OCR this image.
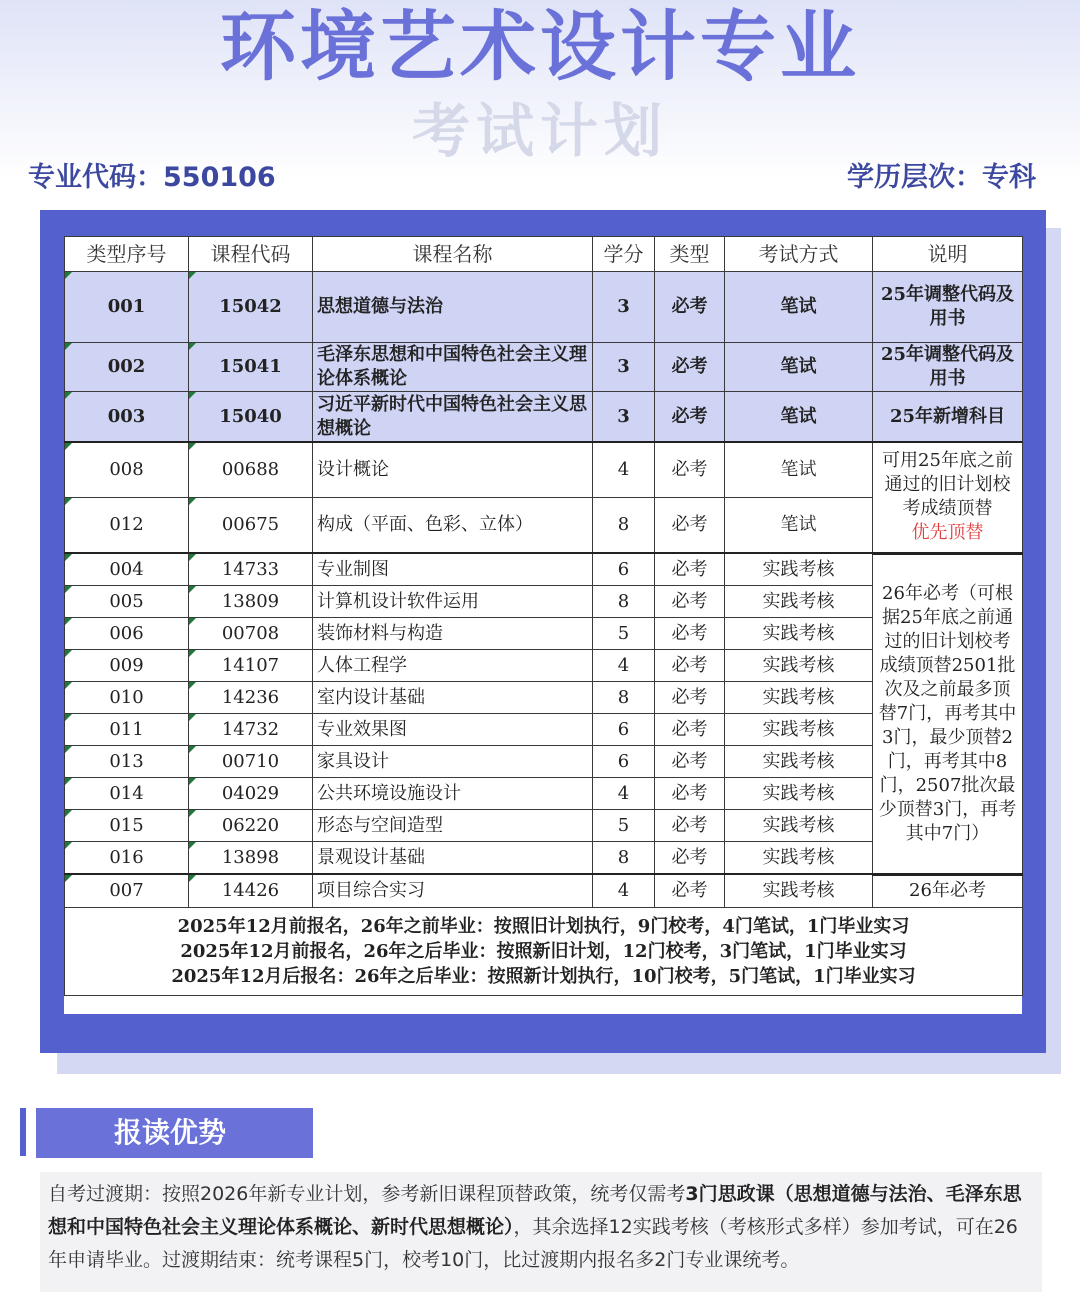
环境艺术设计专业
考试计划
专业代码：550106	学历层次：专科
类型序号	课程代码	课程名称	学分	类型	考试方式	说明

001	15042	思想道德与法治	3	必考	笔试	25年调整代码及用书

002	15041	毛泽东思想和中国特色社会主义理论体系概论	3	必考	笔试	25年调整代码及用书

003	15040	习近平新时代中国特色社会主义思想概论	3	必考	笔试	25年新增科目

008	00688	设计概论	4	必考	笔试	可用25年底之前通过的旧计划校考成绩顶替
优先顶替

012	00675	构成（平面、色彩、立体）	8	必考	笔试	

004	14733	专业制图	6	必考	实践考核	26年必考（可根据25年底之前通过的旧计划校考成绩顶替2501批次及之前最多顶替7门，再考其中3门，最少顶替2门，再考其中8门，2507批次最少顶替3门，再考其中7门）

005	13809	计算机设计软件运用	8	必考	实践考核	

006	00708	装饰材料与构造	5	必考	实践考核	

009	14107	人体工程学	4	必考	实践考核	

010	14236	室内设计基础	8	必考	实践考核	

011	14732	专业效果图	6	必考	实践考核	

013	00710	家具设计	6	必考	实践考核	

014	04029	公共环境设施设计	4	必考	实践考核	

015	06220	形态与空间造型	5	必考	实践考核	

016	13898	景观设计基础	8	必考	实践考核	

007	14426	项目综合实习	4	必考	实践考核	26年必考

2025年12月前报名，26年之前毕业：按照旧计划执行，9门校考，4门笔试，1门毕业实习
2025年12月前报名，26年之后毕业：按照新旧计划，12门校考，3门笔试，1门毕业实习
2025年12月后报名：26年之后毕业：按照新计划执行，10门校考，5门笔试，1门毕业实习						
报读优势
自考过渡期：按照2026年新专业计划，参考新旧课程顶替政策，统考仅需考3门思政课（思想道德与法治、毛泽东思想和中国特色社会主义理论体系概论、新时代思想概论），其余选择12实践考核（考核形式多样）参加考试，可在26年申请毕业。过渡期结束：统考课程5门，校考10门，比过渡期内报名多2门专业课统考。
